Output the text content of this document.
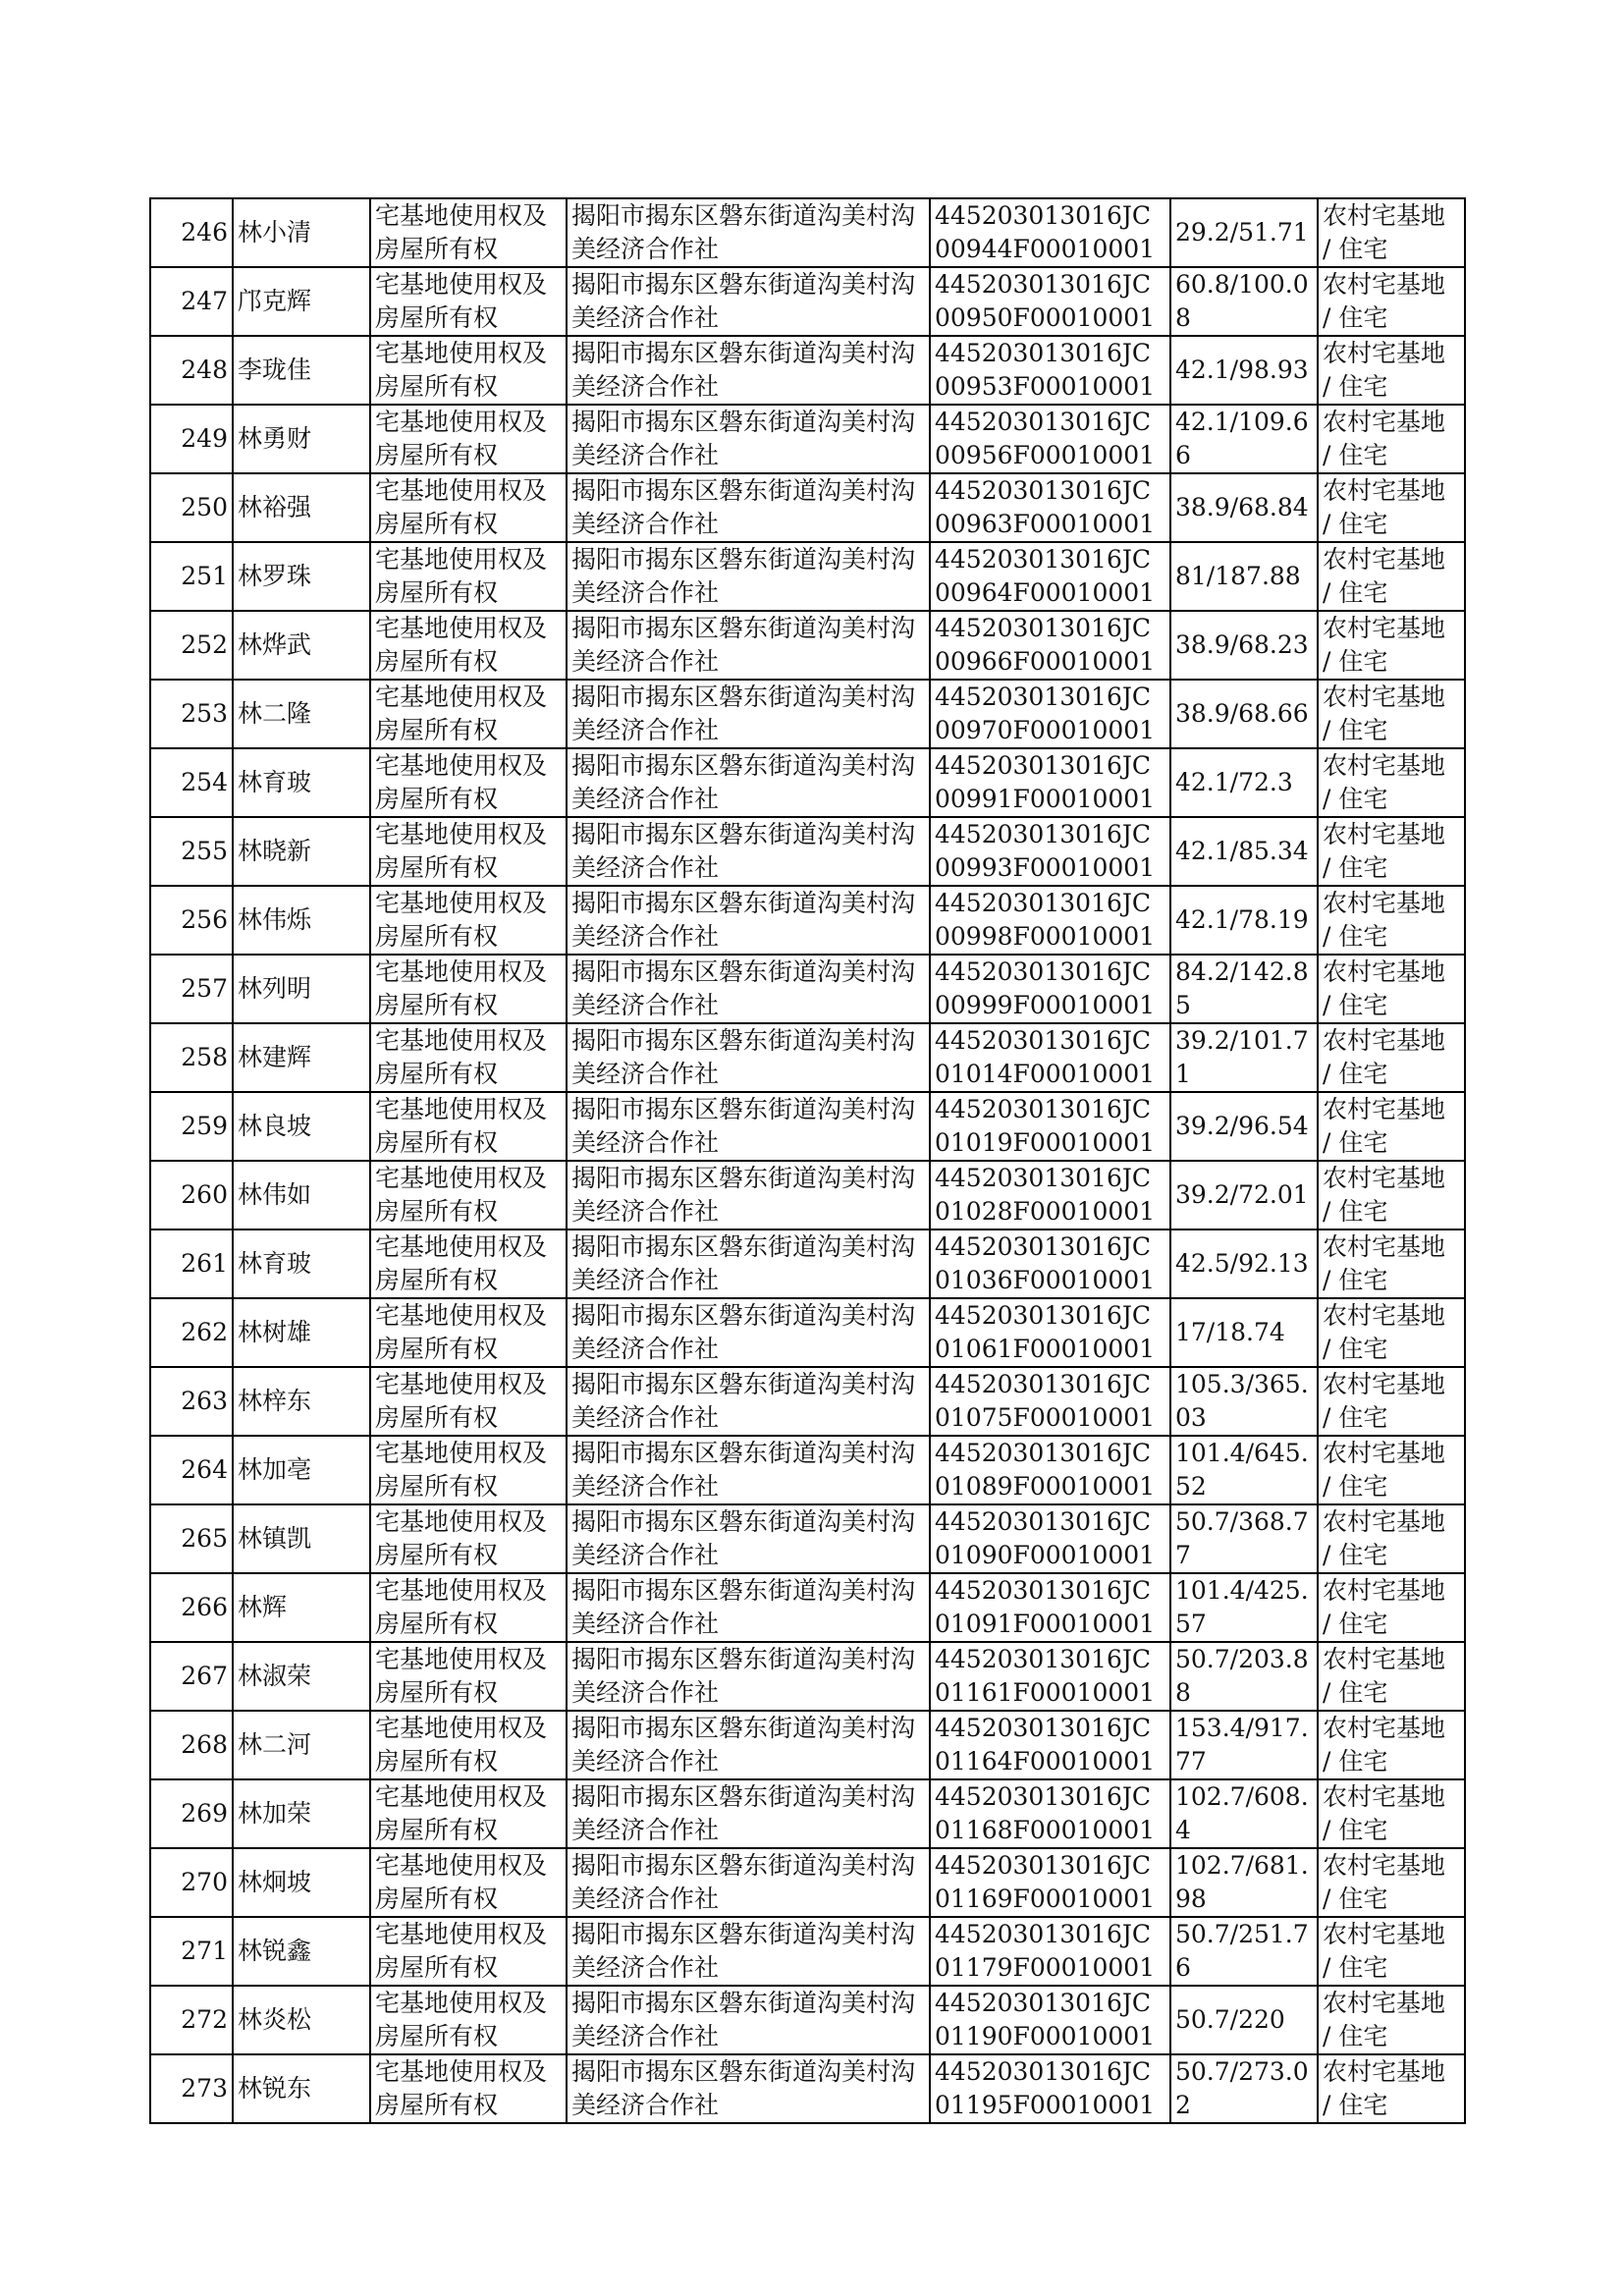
246	林小清	宅基地使用权及房屋所有权	揭阳市揭东区磐东街道沟美村沟美经济合作社	445203013016JC00944F00010001	29.2/51.71	农村宅基地 / 住宅
247	邝克辉	宅基地使用权及房屋所有权	揭阳市揭东区磐东街道沟美村沟美经济合作社	445203013016JC00950F00010001	60.8/100.08	农村宅基地 / 住宅
248	李珑佳	宅基地使用权及房屋所有权	揭阳市揭东区磐东街道沟美村沟美经济合作社	445203013016JC00953F00010001	42.1/98.93	农村宅基地 / 住宅
249	林勇财	宅基地使用权及房屋所有权	揭阳市揭东区磐东街道沟美村沟美经济合作社	445203013016JC00956F00010001	42.1/109.66	农村宅基地 / 住宅
250	林裕强	宅基地使用权及房屋所有权	揭阳市揭东区磐东街道沟美村沟美经济合作社	445203013016JC00963F00010001	38.9/68.84	农村宅基地 / 住宅
251	林罗珠	宅基地使用权及房屋所有权	揭阳市揭东区磐东街道沟美村沟美经济合作社	445203013016JC00964F00010001	81/187.88	农村宅基地 / 住宅
252	林烨武	宅基地使用权及房屋所有权	揭阳市揭东区磐东街道沟美村沟美经济合作社	445203013016JC00966F00010001	38.9/68.23	农村宅基地 / 住宅
253	林二隆	宅基地使用权及房屋所有权	揭阳市揭东区磐东街道沟美村沟美经济合作社	445203013016JC00970F00010001	38.9/68.66	农村宅基地 / 住宅
254	林育玻	宅基地使用权及房屋所有权	揭阳市揭东区磐东街道沟美村沟美经济合作社	445203013016JC00991F00010001	42.1/72.3	农村宅基地 / 住宅
255	林晓新	宅基地使用权及房屋所有权	揭阳市揭东区磐东街道沟美村沟美经济合作社	445203013016JC00993F00010001	42.1/85.34	农村宅基地 / 住宅
256	林伟烁	宅基地使用权及房屋所有权	揭阳市揭东区磐东街道沟美村沟美经济合作社	445203013016JC00998F00010001	42.1/78.19	农村宅基地 / 住宅
257	林列明	宅基地使用权及房屋所有权	揭阳市揭东区磐东街道沟美村沟美经济合作社	445203013016JC00999F00010001	84.2/142.85	农村宅基地 / 住宅
258	林建辉	宅基地使用权及房屋所有权	揭阳市揭东区磐东街道沟美村沟美经济合作社	445203013016JC01014F00010001	39.2/101.71	农村宅基地 / 住宅
259	林良坡	宅基地使用权及房屋所有权	揭阳市揭东区磐东街道沟美村沟美经济合作社	445203013016JC01019F00010001	39.2/96.54	农村宅基地 / 住宅
260	林伟如	宅基地使用权及房屋所有权	揭阳市揭东区磐东街道沟美村沟美经济合作社	445203013016JC01028F00010001	39.2/72.01	农村宅基地 / 住宅
261	林育玻	宅基地使用权及房屋所有权	揭阳市揭东区磐东街道沟美村沟美经济合作社	445203013016JC01036F00010001	42.5/92.13	农村宅基地 / 住宅
262	林树雄	宅基地使用权及房屋所有权	揭阳市揭东区磐东街道沟美村沟美经济合作社	445203013016JC01061F00010001	17/18.74	农村宅基地 / 住宅
263	林梓东	宅基地使用权及房屋所有权	揭阳市揭东区磐东街道沟美村沟美经济合作社	445203013016JC01075F00010001	105.3/365.03	农村宅基地 / 住宅
264	林加亳	宅基地使用权及房屋所有权	揭阳市揭东区磐东街道沟美村沟美经济合作社	445203013016JC01089F00010001	101.4/645.52	农村宅基地 / 住宅
265	林镇凯	宅基地使用权及房屋所有权	揭阳市揭东区磐东街道沟美村沟美经济合作社	445203013016JC01090F00010001	50.7/368.77	农村宅基地 / 住宅
266	林辉	宅基地使用权及房屋所有权	揭阳市揭东区磐东街道沟美村沟美经济合作社	445203013016JC01091F00010001	101.4/425.57	农村宅基地 / 住宅
267	林淑荣	宅基地使用权及房屋所有权	揭阳市揭东区磐东街道沟美村沟美经济合作社	445203013016JC01161F00010001	50.7/203.88	农村宅基地 / 住宅
268	林二河	宅基地使用权及房屋所有权	揭阳市揭东区磐东街道沟美村沟美经济合作社	445203013016JC01164F00010001	153.4/917.77	农村宅基地 / 住宅
269	林加荣	宅基地使用权及房屋所有权	揭阳市揭东区磐东街道沟美村沟美经济合作社	445203013016JC01168F00010001	102.7/608.4	农村宅基地 / 住宅
270	林炯坡	宅基地使用权及房屋所有权	揭阳市揭东区磐东街道沟美村沟美经济合作社	445203013016JC01169F00010001	102.7/681.98	农村宅基地 / 住宅
271	林锐鑫	宅基地使用权及房屋所有权	揭阳市揭东区磐东街道沟美村沟美经济合作社	445203013016JC01179F00010001	50.7/251.76	农村宅基地 / 住宅
272	林炎松	宅基地使用权及房屋所有权	揭阳市揭东区磐东街道沟美村沟美经济合作社	445203013016JC01190F00010001	50.7/220	农村宅基地 / 住宅
273	林锐东	宅基地使用权及房屋所有权	揭阳市揭东区磐东街道沟美村沟美经济合作社	445203013016JC01195F00010001	50.7/273.02	农村宅基地 / 住宅
